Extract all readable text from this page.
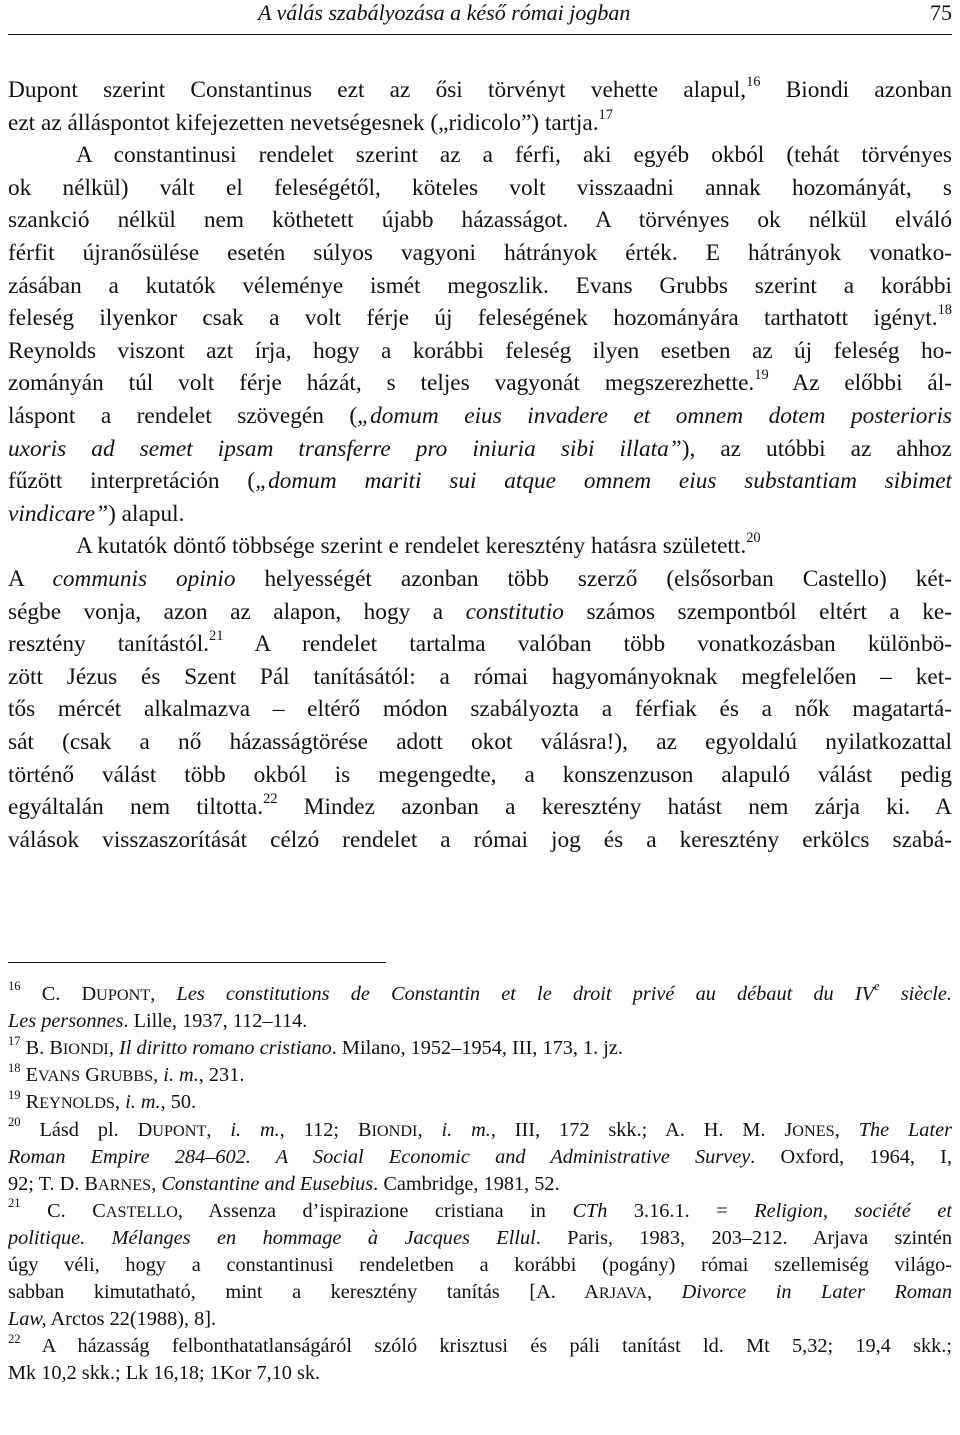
A válás szabályozása a késő római jogban	75
Dupont szerint Constantinus ezt az ősi törvényt vehette alapul,$^{16}$ Biondi azonban
ezt az álláspontot kifejezetten nevetségesnek („ridicolo”) tartja.$^{17}$
A constantinusi rendelet szerint az a férfi, aki egyéb okból (tehát törvényes
ok nélkül) vált el feleségétől, köteles volt visszaadni annak hozományát, s
szankció nélkül nem köthetett újabb házasságot. A törvényes ok nélkül elváló
férfit újranősülése esetén súlyos vagyoni hátrányok érték. E hátrányok vonatko-
zásában a kutatók véleménye ismét megoszlik. Evans Grubbs szerint a korábbi
feleség ilyenkor csak a volt férje új feleségének hozományára tarthatott igényt.$^{18}$
Reynolds viszont azt írja, hogy a korábbi feleség ilyen esetben az új feleség ho-
zományán túl volt férje házát, s teljes vagyonát megszerezhette.$^{19}$ Az előbbi ál-
láspont a rendelet szövegén („domum eius invadere et omnem dotem posterioris
uxoris ad semet ipsam transferre pro iniuria sibi illata”), az utóbbi az ahhoz
fűzött interpretáción („domum mariti sui atque omnem eius substantiam sibimet
vindicare”) alapul.
A kutatók döntő többsége szerint e rendelet keresztény hatásra született.$^{20}$
A communis opinio helyességét azonban több szerző (elsősorban Castello) két-
ségbe vonja, azon az alapon, hogy a constitutio számos szempontból eltért a ke-
resztény tanítástól.$^{21}$ A rendelet tartalma valóban több vonatkozásban különbö-
zött Jézus és Szent Pál tanításától: a római hagyományoknak megfelelően – ket-
tős mércét alkalmazva – eltérő módon szabályozta a férfiak és a nők magatartá-
sát (csak a nő házasságtörése adott okot válásra!), az egyoldalú nyilatkozattal
történő válást több okból is megengedte, a konszenzuson alapuló válást pedig
egyáltalán nem tiltotta.$^{22}$ Mindez azonban a keresztény hatást nem zárja ki. A
válások visszaszorítását célzó rendelet a római jog és a keresztény erkölcs szabá-
$^{16}$ C. DUPONT, Les constitutions de Constantin et le droit privé au débaut du IVe siècle.
Les personnes. Lille, 1937, 112–114.
$^{17}$ B. BIONDI, Il diritto romano cristiano. Milano, 1952–1954, III, 173, 1. jz.
$^{18}$ EVANS GRUBBS, i. m., 231.
$^{19}$ REYNOLDS, i. m., 50.
$^{20}$ Lásd pl. DUPONT, i. m., 112; BIONDI, i. m., III, 172 skk.; A. H. M. JONES, The Later
Roman Empire 284–602. A Social Economic and Administrative Survey. Oxford, 1964, I,
92; T. D. BARNES, Constantine and Eusebius. Cambridge, 1981, 52.
$^{21}$ C. CASTELLO, Assenza d’ispirazione cristiana in CTh 3.16.1. = Religion, société et
politique. Mélanges en hommage à Jacques Ellul. Paris, 1983, 203–212. Arjava szintén
úgy véli, hogy a constantinusi rendeletben a korábbi (pogány) római szellemiség világo-
sabban kimutatható, mint a keresztény tanítás [A. ARJAVA, Divorce in Later Roman
Law, Arctos 22(1988), 8].
$^{22}$ A házasság felbonthatatlanságáról szóló krisztusi és páli tanítást ld. Mt 5,32; 19,4 skk.;
Mk 10,2 skk.; Lk 16,18; 1Kor 7,10 sk.
